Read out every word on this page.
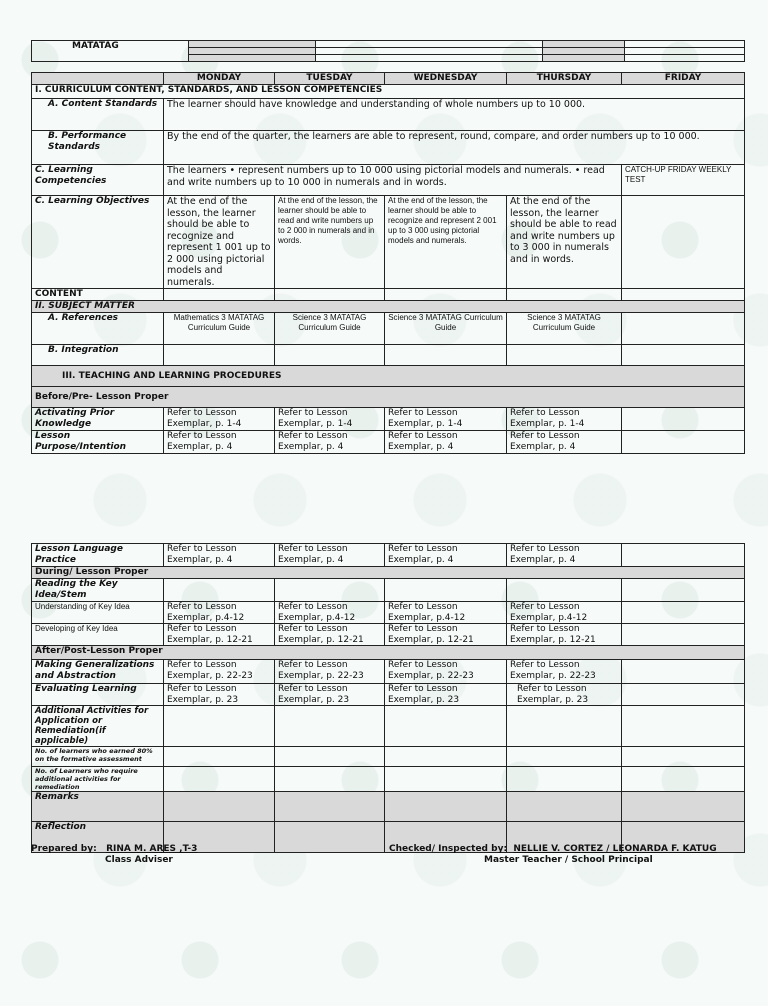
MATATAG				

	MONDAY	TUESDAY	WEDNESDAY	THURSDAY	FRIDAY
I. CURRICULUM CONTENT, STANDARDS, AND LESSON COMPETENCIES					
A. Content Standards	The learner should have knowledge and understanding of whole numbers up to 10 000.				
B. Performance Standards	By the end of the quarter, the learners are able to represent, round, compare, and order numbers up to 10 000.				
C. Learning Competencies	The learners • represent numbers up to 10 000 using pictorial models and numerals. • read and write numbers up to 10 000 in numerals and in words.				CATCH-UP FRIDAY WEEKLY TEST
C. Learning Objectives	At the end of the lesson, the learner should be able to recognize and represent 1 001 up to 2 000 using pictorial models and numerals.	At the end of the lesson, the learner should be able to read and write numbers up to 2 000 in numerals and in words.	At the end of the lesson, the learner should be able to recognize and represent 2 001 up to 3 000 using pictorial models and numerals.	At the end of the lesson, the learner should be able to read and write numbers up to 3 000 in numerals and in words.	
CONTENT					
II. SUBJECT MATTER					
A. References	Mathematics 3 MATATAG Curriculum Guide	Science 3 MATATAG Curriculum Guide	Science 3 MATATAG Curriculum Guide	Science 3 MATATAG Curriculum Guide	
B. Integration					
III. TEACHING AND LEARNING PROCEDURES					
Before/Pre- Lesson Proper					
Activating Prior Knowledge	Refer to Lesson Exemplar, p. 1-4	Refer to Lesson Exemplar, p. 1-4	Refer to Lesson Exemplar, p. 1-4	Refer to Lesson Exemplar, p. 1-4	
Lesson Purpose/Intention	Refer to Lesson Exemplar, p. 4	Refer to Lesson Exemplar, p. 4	Refer to Lesson Exemplar, p. 4	Refer to Lesson Exemplar, p. 4	
Lesson Language Practice	Refer to Lesson Exemplar, p. 4	Refer to Lesson Exemplar, p. 4	Refer to Lesson Exemplar, p. 4	Refer to Lesson Exemplar, p. 4	
During/ Lesson Proper					
Reading the Key Idea/Stem					
Understanding of Key Idea	Refer to Lesson Exemplar, p.4-12	Refer to Lesson Exemplar, p.4-12	Refer to Lesson Exemplar, p.4-12	Refer to Lesson Exemplar, p.4-12	
Developing of Key Idea	Refer to Lesson Exemplar, p. 12-21	Refer to Lesson Exemplar, p. 12-21	Refer to Lesson Exemplar, p. 12-21	Refer to Lesson Exemplar, p. 12-21	
After/Post-Lesson Proper					
Making Generalizations and Abstraction	Refer to Lesson Exemplar, p. 22-23	Refer to Lesson Exemplar, p. 22-23	Refer to Lesson Exemplar, p. 22-23	Refer to Lesson Exemplar, p. 22-23	
Evaluating Learning	Refer to Lesson Exemplar, p. 23	Refer to Lesson Exemplar, p. 23	Refer to Lesson Exemplar, p. 23	Refer to Lesson Exemplar, p. 23	
Additional Activities for Application or Remediation(if applicable)					
No. of learners who earned 80% on the formative assessment					
No. of Learners who require additional activities for remediation					
Remarks					
Reflection					
Prepared by: RINA M. ARES ,T-3
Class Adviser
Checked/ Inspected by: NELLIE V. CORTEZ / LEONARDA F. KATUG
Master Teacher / School Principal
